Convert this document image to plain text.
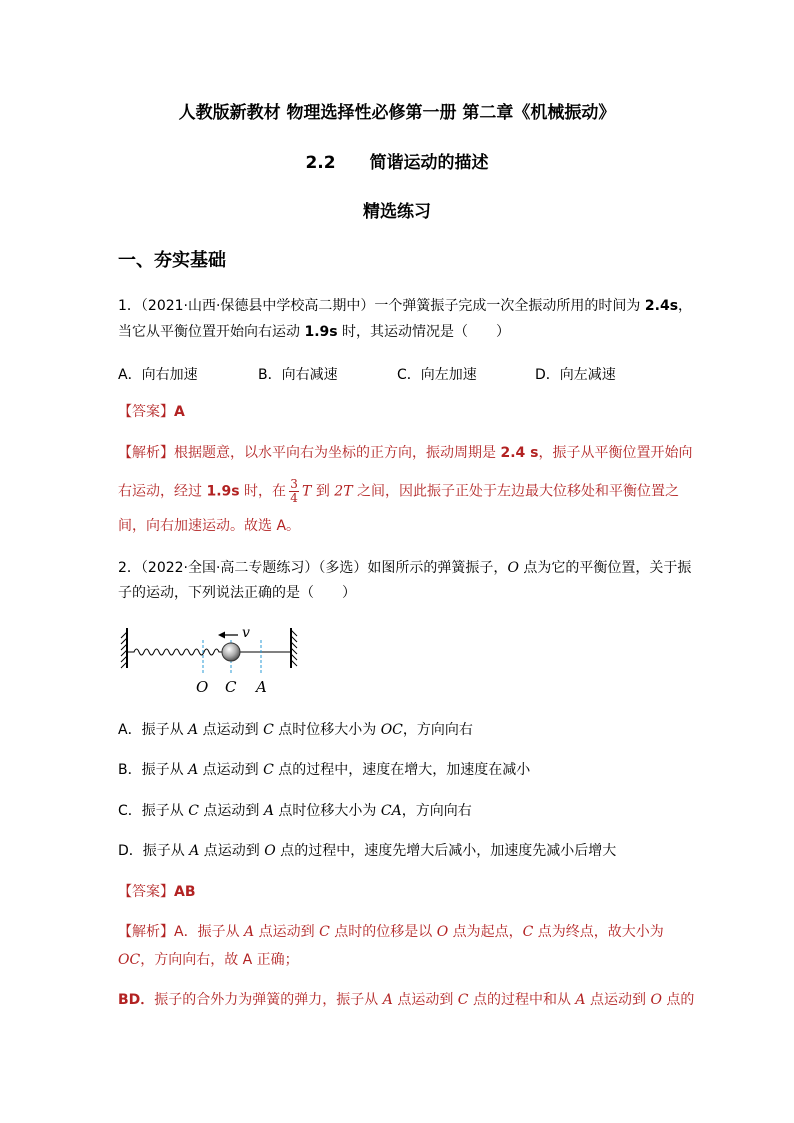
人教版新教材 物理选择性必修第一册 第二章《机械振动》
2.2 简谐运动的描述
精选练习
一、夯实基础
1．（2021·山西·保德县中学校高二期中）一个弹簧振子完成一次全振动所用的时间为 2.4s，
当它从平衡位置开始向右运动 1.9s 时，其运动情况是（　　）
A．向右加速	B．向右减速	C．向左加速	D．向左减速
【答案】A
【解析】根据题意，以水平向右为坐标的正方向，振动周期是 2.4 s，振子从平衡位置开始向
右运动，经过 1.9s 时，在 $\frac{3}{4}$ T 到 2T 之间，因此振子正处于左边最大位移处和平衡位置之
间，向右加速运动。故选 A。
2．（2022·全国·高二专题练习）（多选）如图所示的弹簧振子，O 点为它的平衡位置，关于振
子的运动，下列说法正确的是（　　）
v
O C A
A．振子从 A 点运动到 C 点时位移大小为 OC，方向向右
B．振子从 A 点运动到 C 点的过程中，速度在增大，加速度在减小
C．振子从 C 点运动到 A 点时位移大小为 CA，方向向右
D．振子从 A 点运动到 O 点的过程中，速度先增大后减小，加速度先减小后增大
【答案】AB
【解析】A．振子从 A 点运动到 C 点时的位移是以 O 点为起点，C 点为终点，故大小为
OC，方向向右，故 A 正确；
BD．振子的合外力为弹簧的弹力，振子从 A 点运动到 C 点的过程中和从 A 点运动到 O 点的
